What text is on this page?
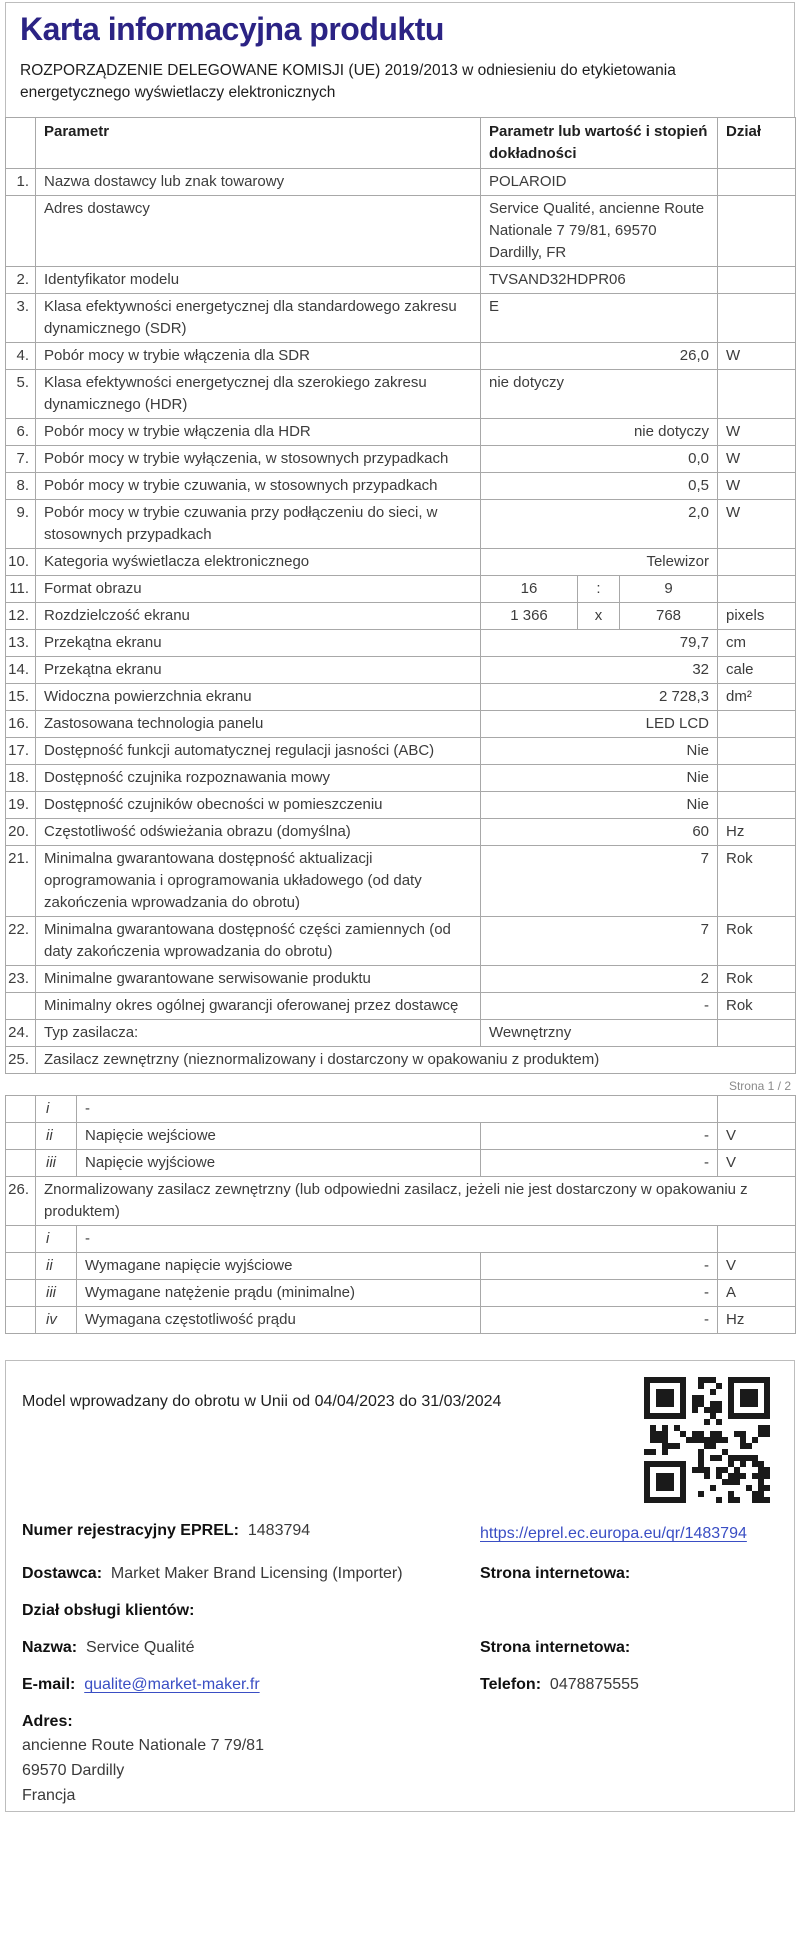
Karta informacyjna produktu
ROZPORZĄDZENIE DELEGOWANE KOMISJI (UE) 2019/2013 w odniesieniu do etykietowania energetycznego wyświetlaczy elektronicznych
	Parametr	Parametr lub wartość i stopień dokładności	Dział
1.	Nazwa dostawcy lub znak towarowy	POLAROID	
	Adres dostawcy	Service Qualité, ancienne Route Nationale 7 79/81, 69570 Dardilly, FR	
2.	Identyfikator modelu	TVSAND32HDPR06	
3.	Klasa efektywności energetycznej dla standardowego zakresu dynamicznego (SDR)	E	
4.	Pobór mocy w trybie włączenia dla SDR	26,0	W
5.	Klasa efektywności energetycznej dla szerokiego zakresu dynamicznego (HDR)	nie dotyczy	
6.	Pobór mocy w trybie włączenia dla HDR	nie dotyczy	W
7.	Pobór mocy w trybie wyłączenia, w stosownych przypadkach	0,0	W
8.	Pobór mocy w trybie czuwania, w stosownych przypadkach	0,5	W
9.	Pobór mocy w trybie czuwania przy podłączeniu do sieci, w stosownych przypadkach	2,0	W
10.	Kategoria wyświetlacza elektronicznego	Telewizor	
11.	Format obrazu	16 : 9	

12.	Rozdzielczość ekranu	1 366 x 768	pixels
13.	Przekątna ekranu	79,7	cm
14.	Przekątna ekranu	32	cale
15.	Widoczna powierzchnia ekranu	2 728,3	dm²
16.	Zastosowana technologia panelu	LED LCD	
17.	Dostępność funkcji automatycznej regulacji jasności (ABC)	Nie	
18.	Dostępność czujnika rozpoznawania mowy	Nie	
19.	Dostępność czujników obecności w pomieszczeniu	Nie	
20.	Częstotliwość odświeżania obrazu (domyślna)	60	Hz
21.	Minimalna gwarantowana dostępność aktualizacji oprogramowania i oprogramowania układowego (od daty zakończenia wprowadzania do obrotu)	7	Rok
22.	Minimalna gwarantowana dostępność części zamiennych (od daty zakończenia wprowadzania do obrotu)	7	Rok
23.	Minimalne gwarantowane serwisowanie produktu	2	Rok
	Minimalny okres ogólnej gwarancji oferowanej przez dostawcę	-	Rok
24.	Typ zasilacza:	Wewnętrzny	
25.	Zasilacz zewnętrzny (nieznormalizowany i dostarczony w opakowaniu z produktem)		
Strona 1 / 2
	i	-		
	ii	Napięcie wejściowe	-	V
	iii	Napięcie wyjściowe	-	V
26.	Znormalizowany zasilacz zewnętrzny (lub odpowiedni zasilacz, jeżeli nie jest dostarczony w opakowaniu z produktem)			
	i	-		
	ii	Wymagane napięcie wyjściowe	-	V
	iii	Wymagane natężenie prądu (minimalne)	-	A
	iv	Wymagana częstotliwość prądu	-	Hz
Model wprowadzany do obrotu w Unii od 04/04/2023 do 31/03/2024
Numer rejestracyjny EPREL: 1483794	https://eprel.ec.europa.eu/qr/1483794
Dostawca: Market Maker Brand Licensing (Importer)	Strona internetowa:
Dział obsługi klientów:
Nazwa: Service Qualité	Strona internetowa:
E-mail: qualite@market-maker.fr	Telefon: 0478875555
Adres:
ancienne Route Nationale 7 79/81
69570 Dardilly
Francja
